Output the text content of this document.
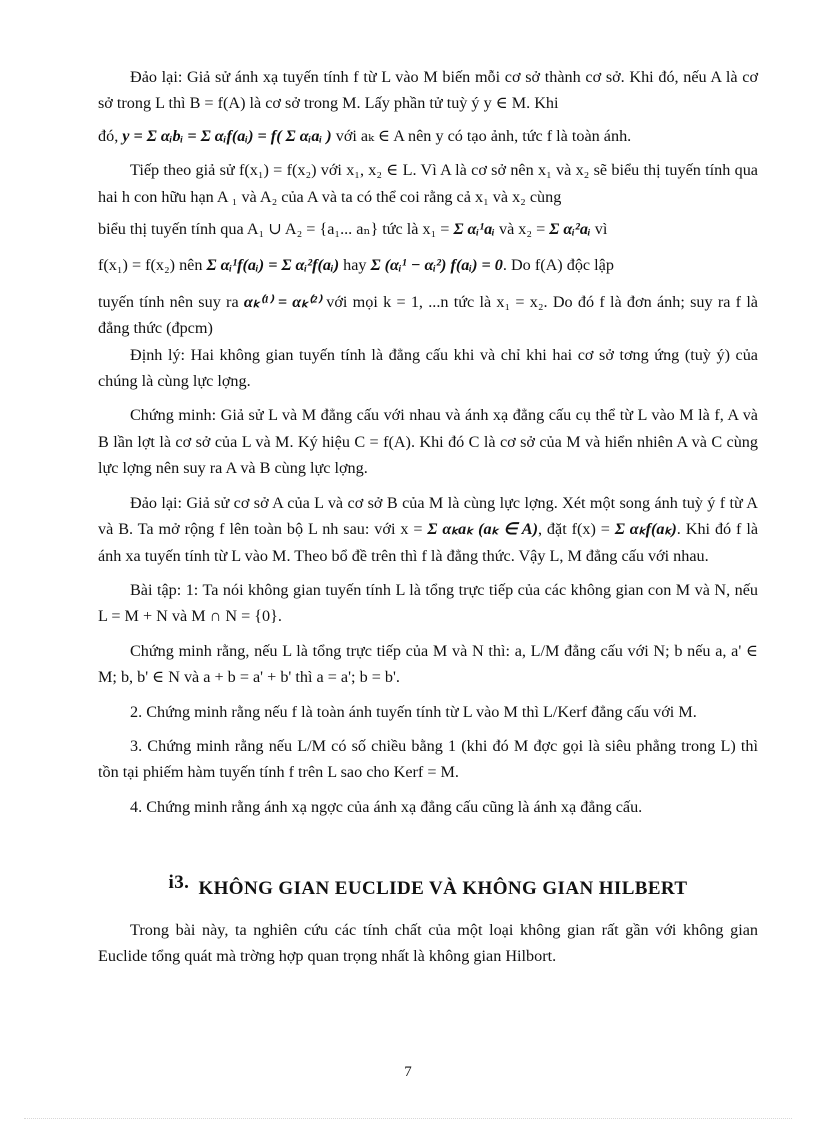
Đảo lại: Giả sử ánh xạ tuyến tính f từ L vào M biến mỗi cơ sở thành cơ sở. Khi đó, nếu A là cơ sở trong L thì B = f(A) là cơ sở trong M. Lấy phần tử tuỳ ý y ∈ M. Khi

đó, y = Σ αᵢbᵢ = Σ αᵢf(aᵢ) = f( Σ αᵢaᵢ ) với aₖ ∈ A nên y có tạo ảnh, tức f là toàn ánh.

Tiếp theo giả sử f(x₁) = f(x₂) với x₁, x₂ ∈ L. Vì A là cơ sở nên x₁ và x₂ sẽ biểu thị tuyến tính qua hai h con hữu hạn A ₁ và A₂ của A và ta có thể coi rằng cả x₁ và x₂ cùng

biểu thị tuyến tính qua A₁ ∪ A₂ = {a₁... aₙ} tức là x₁ = Σ αᵢ¹aᵢ và x₂ = Σ αᵢ²aᵢ vì

f(x₁) = f(x₂) nên Σ αᵢ¹f(aᵢ) = Σ αᵢ²f(aᵢ) hay Σ (αᵢ¹ − αᵢ²) f(aᵢ) = 0. Do f(A) độc lập

tuyến tính nên suy ra αₖ⁽¹⁾ = αₖ⁽²⁾ với mọi k = 1, ...n tức là x₁ = x₂. Do đó f là đơn ánh; suy ra f là đẳng thức (đpcm)

Định lý: Hai không gian tuyến tính là đẳng cấu khi và chỉ khi hai cơ sở tơng ứng (tuỳ ý) của chúng là cùng lực lợng.

Chứng minh: Giả sử L và M đẳng cấu với nhau và ánh xạ đẳng cấu cụ thể từ L vào M là f, A và B lần lợt là cơ sở của L và M. Ký hiệu C = f(A). Khi đó C là cơ sở của M và hiển nhiên A và C cùng lực lợng nên suy ra A và B cùng lực lợng.

Đảo lại: Giả sử cơ sở A của L và cơ sở B của M là cùng lực lợng. Xét một song ánh tuỳ ý f từ A và B. Ta mở rộng f lên toàn bộ L nh sau: với x = Σ αₖaₖ (aₖ ∈ A), đặt f(x) = Σ αₖf(aₖ). Khi đó f là ánh xa tuyến tính từ L vào M. Theo bổ đề trên thì f là đẳng thức. Vậy L, M đẳng cấu với nhau.

Bài tập: 1: Ta nói không gian tuyến tính L là tổng trực tiếp của các không gian con M và N, nếu L = M + N và M ∩ N = {0}.

Chứng minh rằng, nếu L là tổng trực tiếp của M và N thì: a, L/M đẳng cấu với N; b nếu a, a' ∈ M; b, b' ∈ N và a + b = a' + b' thì a = a'; b = b'.

2. Chứng minh rằng nếu f là toàn ánh tuyến tính từ L vào M thì L/Kerf đẳng cấu với M.

3. Chứng minh rằng nếu L/M có số chiều bằng 1 (khi đó M đợc gọi là siêu phẳng trong L) thì tồn tại phiếm hàm tuyến tính f trên L sao cho Kerf = M.

4. Chứng minh rằng ánh xạ ngợc của ánh xạ đẳng cấu cũng là ánh xạ đẳng cấu.

i3. KHÔNG GIAN EUCLIDE VÀ KHÔNG GIAN HILBERT

Trong bài này, ta nghiên cứu các tính chất của một loại không gian rất gần với không gian Euclide tổng quát mà trờng hợp quan trọng nhất là không gian Hilbort.

7
